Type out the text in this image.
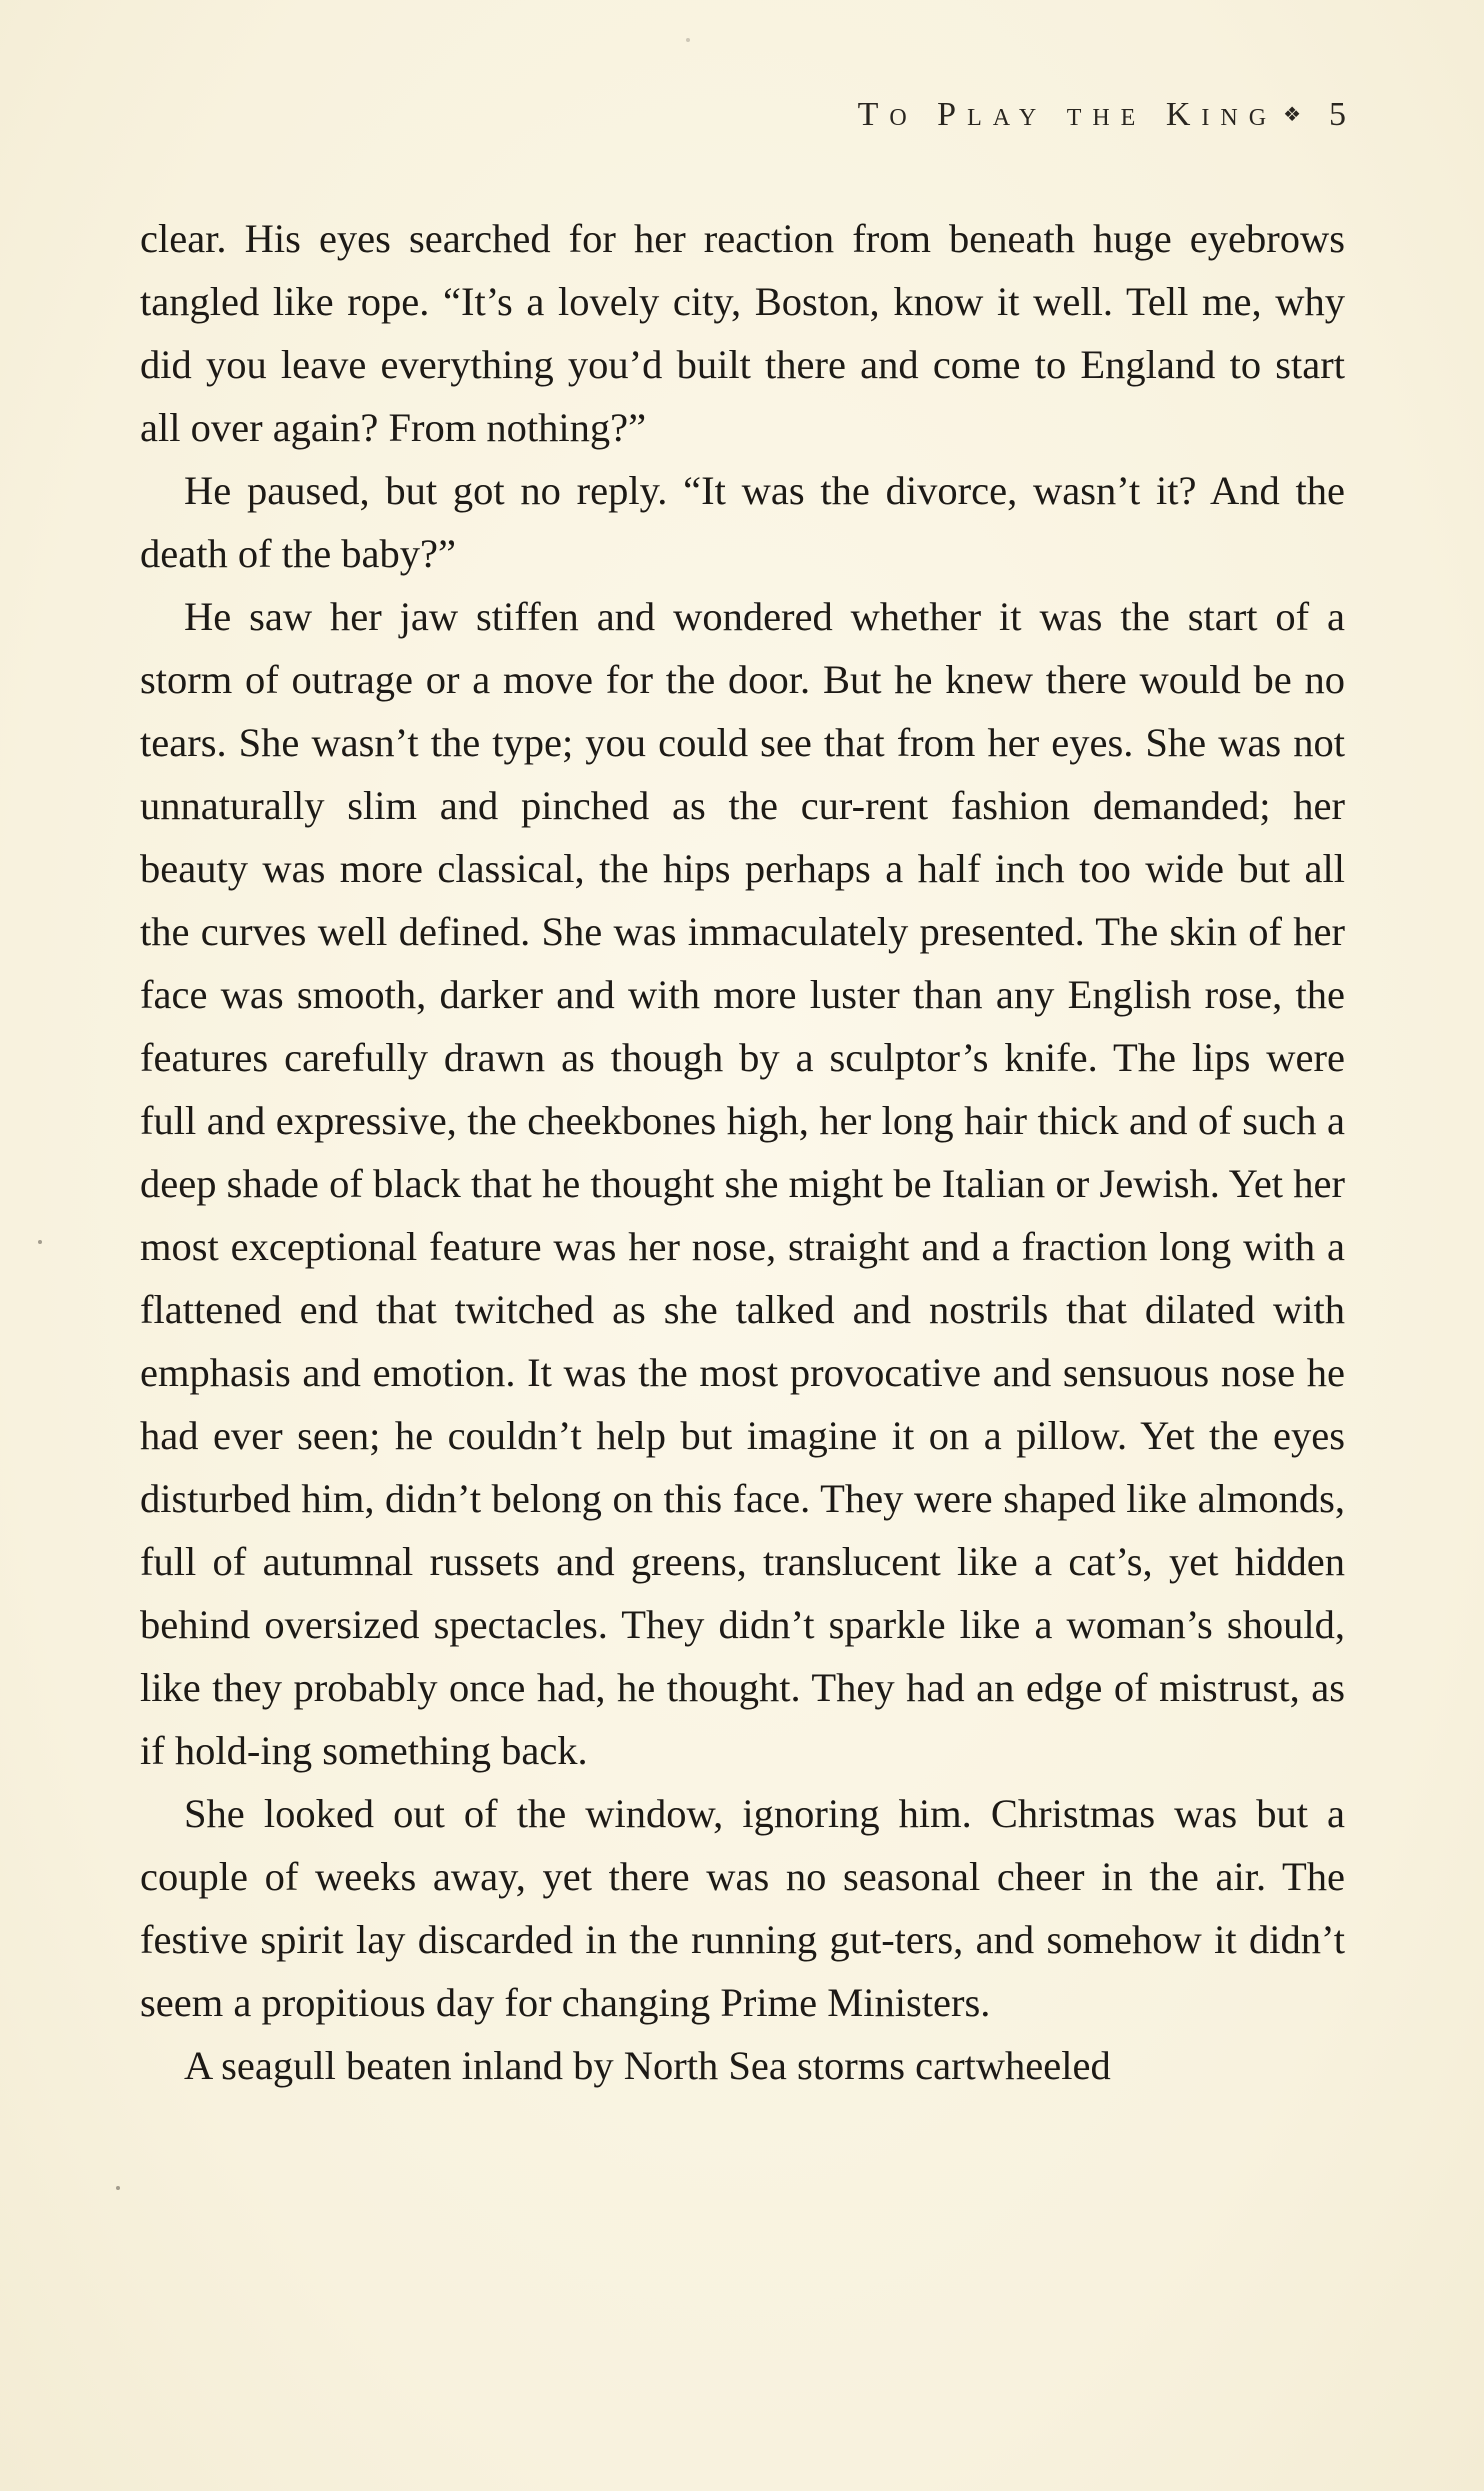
To Play the King ❖ 5

clear. His eyes searched for her reaction from beneath huge eyebrows tangled like rope. “It’s a lovely city, Boston, know it well. Tell me, why did you leave everything you’d built there and come to England to start all over again? From nothing?”

He paused, but got no reply. “It was the divorce, wasn’t it? And the death of the baby?”

He saw her jaw stiffen and wondered whether it was the start of a storm of outrage or a move for the door. But he knew there would be no tears. She wasn’t the type; you could see that from her eyes. She was not unnaturally slim and pinched as the cur-rent fashion demanded; her beauty was more classical, the hips perhaps a half inch too wide but all the curves well defined. She was immaculately presented. The skin of her face was smooth, darker and with more luster than any English rose, the features carefully drawn as though by a sculptor’s knife. The lips were full and expressive, the cheekbones high, her long hair thick and of such a deep shade of black that he thought she might be Italian or Jewish. Yet her most exceptional feature was her nose, straight and a fraction long with a flattened end that twitched as she talked and nostrils that dilated with emphasis and emotion. It was the most provocative and sensuous nose he had ever seen; he couldn’t help but imagine it on a pillow. Yet the eyes disturbed him, didn’t belong on this face. They were shaped like almonds, full of autumnal russets and greens, translucent like a cat’s, yet hidden behind oversized spectacles. They didn’t sparkle like a woman’s should, like they probably once had, he thought. They had an edge of mistrust, as if hold-ing something back.

She looked out of the window, ignoring him. Christmas was but a couple of weeks away, yet there was no seasonal cheer in the air. The festive spirit lay discarded in the running gut-ters, and somehow it didn’t seem a propitious day for changing Prime Ministers.

A seagull beaten inland by North Sea storms cartwheeled
